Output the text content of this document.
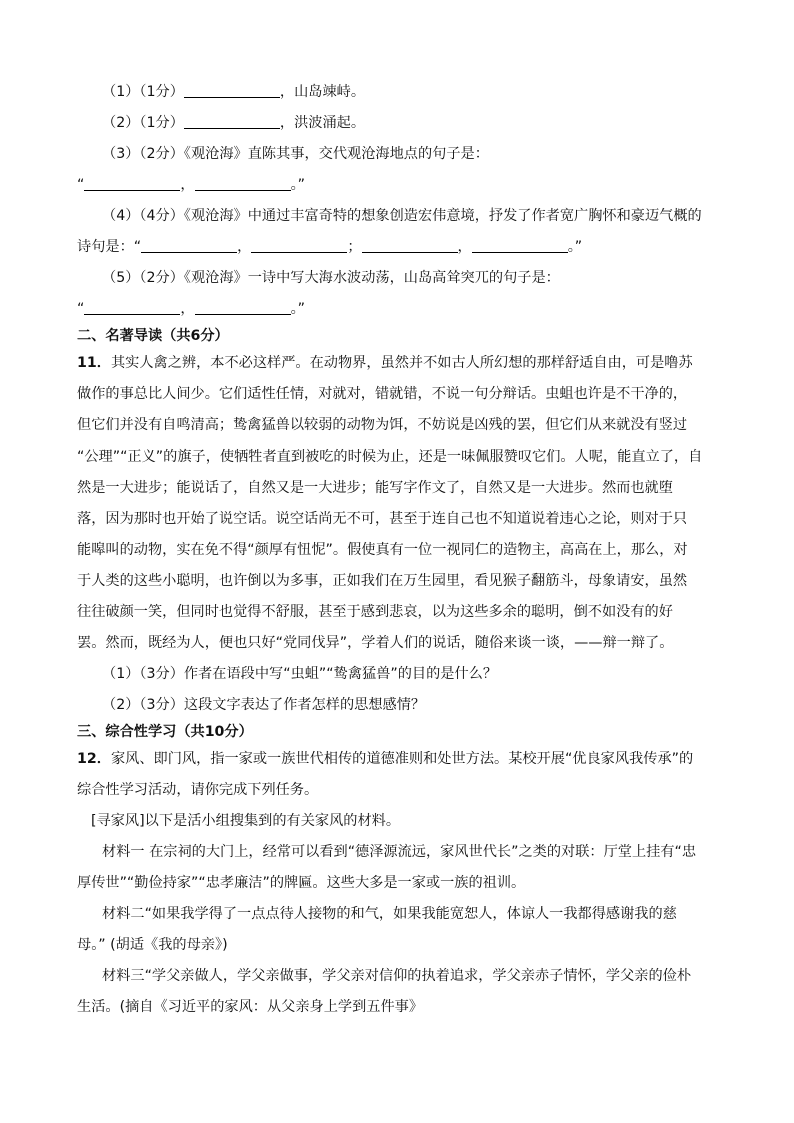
（1）（1分）	，山岛竦峙。
（2）（1分）	，洪波涌起。
（3）（2分）《观沧海》直陈其事，交代观沧海地点的句子是：
“	，	。”
（4）（4分）《观沧海》中通过丰富奇特的想象创造宏伟意境，抒发了作者宽广胸怀和豪迈气概的
诗句是：“	，	；	，	。”
（5）（2分）《观沧海》一诗中写大海水波动荡，山岛高耸突兀的句子是：
“	，	。”
二、名著导读（共6分）
11．其实人禽之辨，本不必这样严。在动物界，虽然并不如古人所幻想的那样舒适自由，可是噜苏
做作的事总比人间少。它们适性任情，对就对，错就错，不说一句分辩话。虫蛆也许是不干净的，
但它们并没有自鸣清高；鸷禽猛兽以较弱的动物为饵，不妨说是凶残的罢，但它们从来就没有竖过
“公理”“正义”的旗子，使牺牲者直到被吃的时候为止，还是一味佩服赞叹它们。人呢，能直立了，自
然是一大进步；能说话了，自然又是一大进步；能写字作文了，自然又是一大进步。然而也就堕
落，因为那时也开始了说空话。说空话尚无不可，甚至于连自己也不知道说着违心之论，则对于只
能嗥叫的动物，实在免不得“颜厚有忸怩”。假使真有一位一视同仁的造物主，高高在上，那么，对
于人类的这些小聪明，也许倒以为多事，正如我们在万生园里，看见猴子翻筋斗，母象请安，虽然
往往破颜一笑，但同时也觉得不舒服，甚至于感到悲哀，以为这些多余的聪明，倒不如没有的好
罢。然而，既经为人，便也只好“党同伐异”，学着人们的说话，随俗来谈一谈，——辩一辩了。
（1）（3分）作者在语段中写“虫蛆”“鸷禽猛兽”的目的是什么？
（2）（3分）这段文字表达了作者怎样的思想感情？
三、综合性学习（共10分）
12．家风、即门风，指一家或一族世代相传的道德准则和处世方法。某校开展“优良家风我传承”的
综合性学习活动，请你完成下列任务。
[寻家风]以下是活小组搜集到的有关家风的材料。
材料一 在宗祠的大门上，经常可以看到“德泽源流远，家风世代长”之类的对联：厅堂上挂有“忠
厚传世”“勤俭持家”“忠孝廉洁”的牌匾。这些大多是一家或一族的祖训。
材料二“如果我学得了一点点待人接物的和气，如果我能宽恕人，体谅人一我都得感谢我的慈
母。” (胡适《我的母亲》)
材料三“学父亲做人，学父亲做事，学父亲对信仰的执着追求，学父亲赤子情怀，学父亲的俭朴
生活。(摘自《习近平的家风：从父亲身上学到五件事》
